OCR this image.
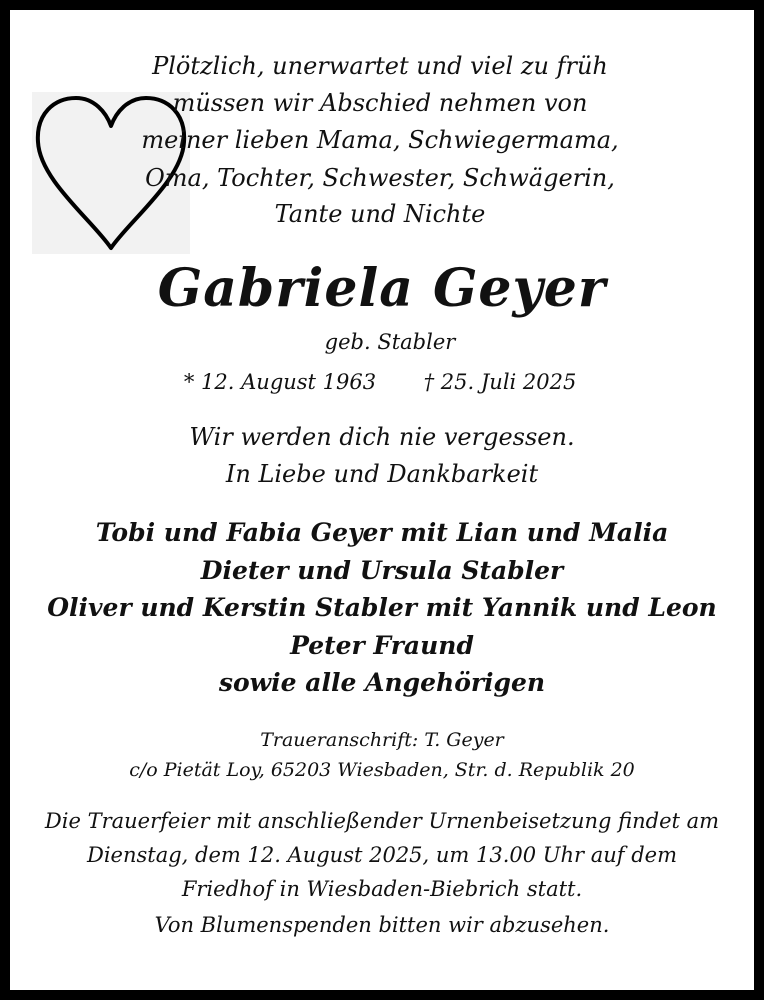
Plötzlich, unerwartet und viel zu früh
müssen wir Abschied nehmen von
meiner lieben Mama, Schwiegermama,
Oma, Tochter, Schwester, Schwägerin,
Tante und Nichte
Gabriela Geyer
geb. Stabler
* 12. August 1963	† 25. Juli 2025
Wir werden dich nie vergessen.
In Liebe und Dankbarkeit
Tobi und Fabia Geyer mit Lian und Malia
Dieter und Ursula Stabler
Oliver und Kerstin Stabler mit Yannik und Leon
Peter Fraund
sowie alle Angehörigen
Traueranschrift: T. Geyer
c/o Pietät Loy, 65203 Wiesbaden, Str. d. Republik 20
Die Trauerfeier mit anschließender Urnenbeisetzung findet am
Dienstag, dem 12. August 2025, um 13.00 Uhr auf dem
Friedhof in Wiesbaden-Biebrich statt.
Von Blumenspenden bitten wir abzusehen.
